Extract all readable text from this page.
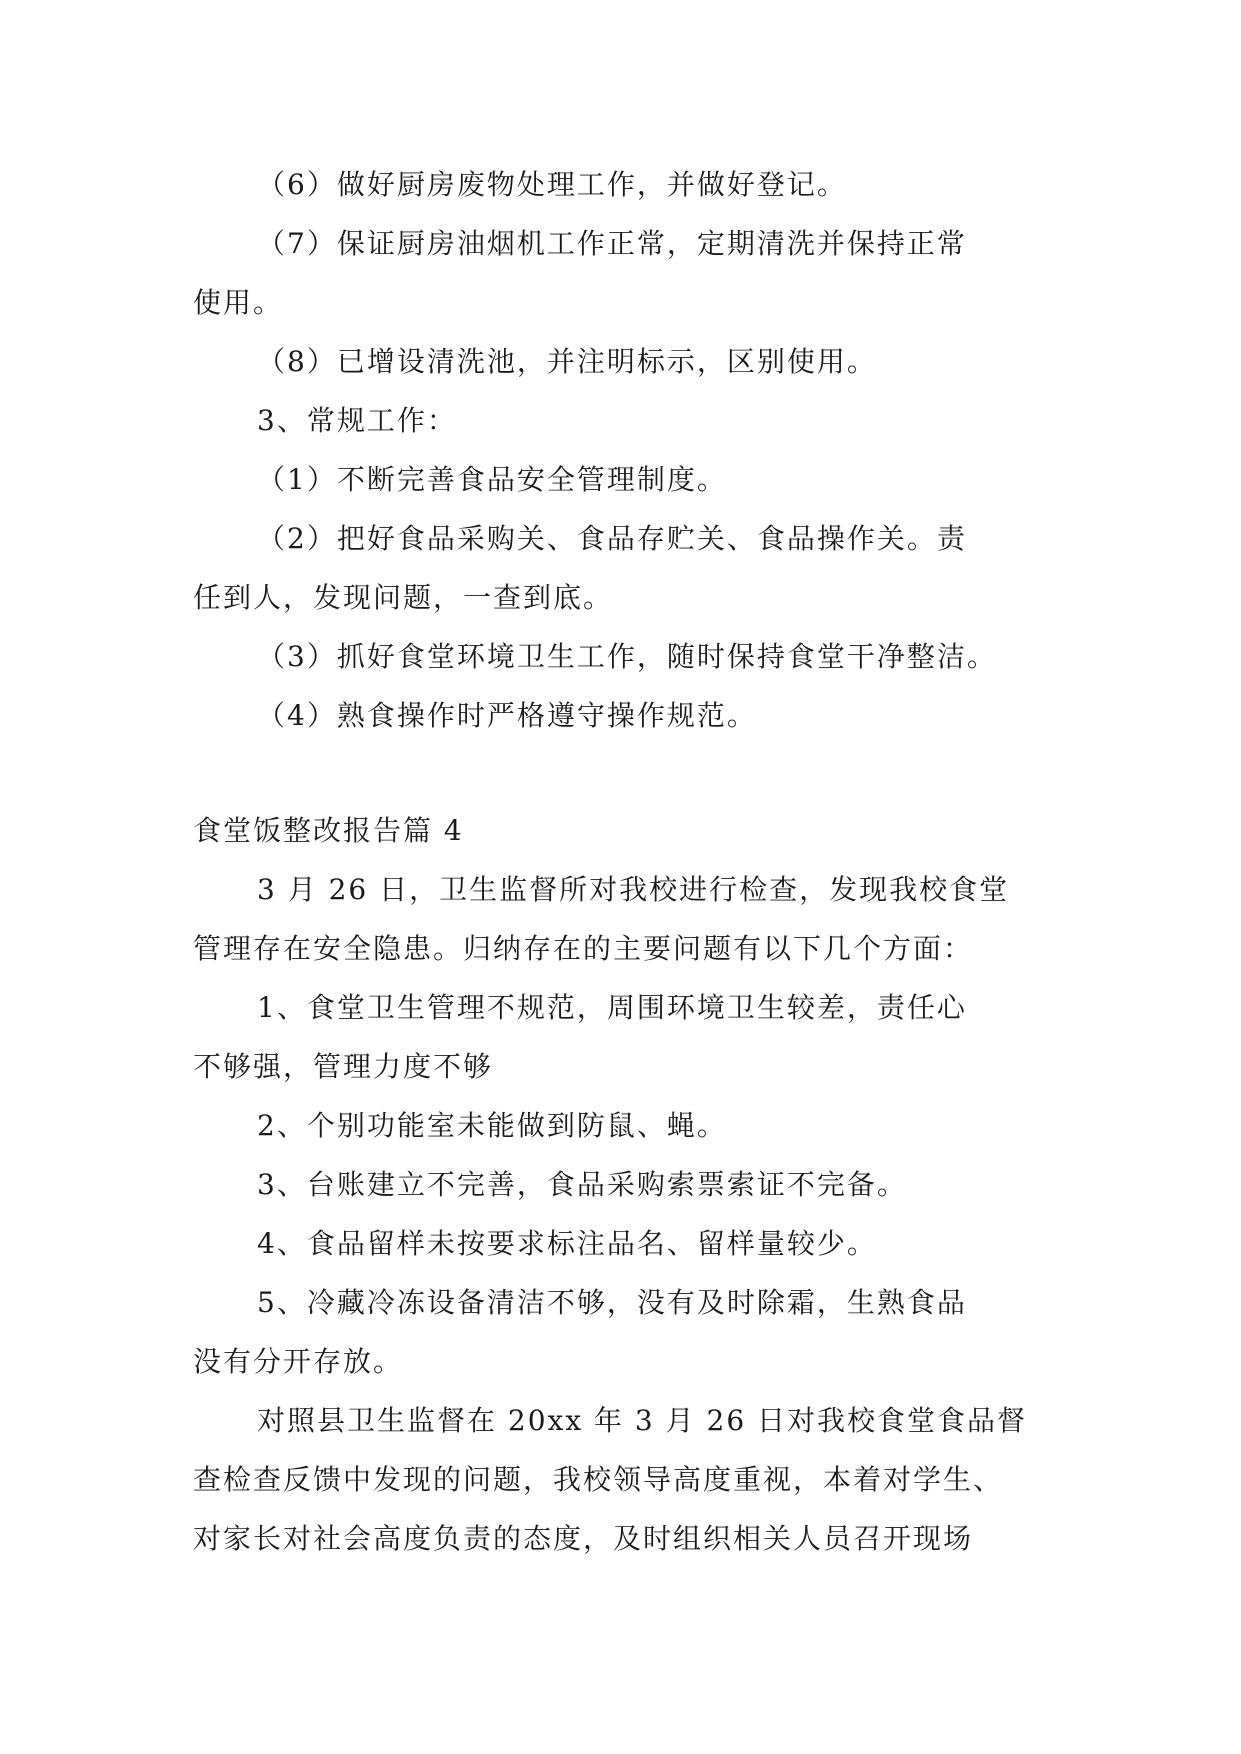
（6）做好厨房废物处理工作，并做好登记。
（7）保证厨房油烟机工作正常，定期清洗并保持正常
使用。
（8）已增设清洗池，并注明标示，区别使用。
3、常规工作：
（1）不断完善食品安全管理制度。
（2）把好食品采购关、食品存贮关、食品操作关。责
任到人，发现问题，一查到底。
（3）抓好食堂环境卫生工作，随时保持食堂干净整洁。
（4）熟食操作时严格遵守操作规范。
食堂饭整改报告篇 4
3 月 26 日，卫生监督所对我校进行检查，发现我校食堂
管理存在安全隐患。归纳存在的主要问题有以下几个方面：
1、食堂卫生管理不规范，周围环境卫生较差，责任心
不够强，管理力度不够
2、个别功能室未能做到防鼠、蝇。
3、台账建立不完善，食品采购索票索证不完备。
4、食品留样未按要求标注品名、留样量较少。
5、冷藏冷冻设备清洁不够，没有及时除霜，生熟食品
没有分开存放。
对照县卫生监督在 20xx 年 3 月 26 日对我校食堂食品督
查检查反馈中发现的问题，我校领导高度重视，本着对学生、
对家长对社会高度负责的态度，及时组织相关人员召开现场
